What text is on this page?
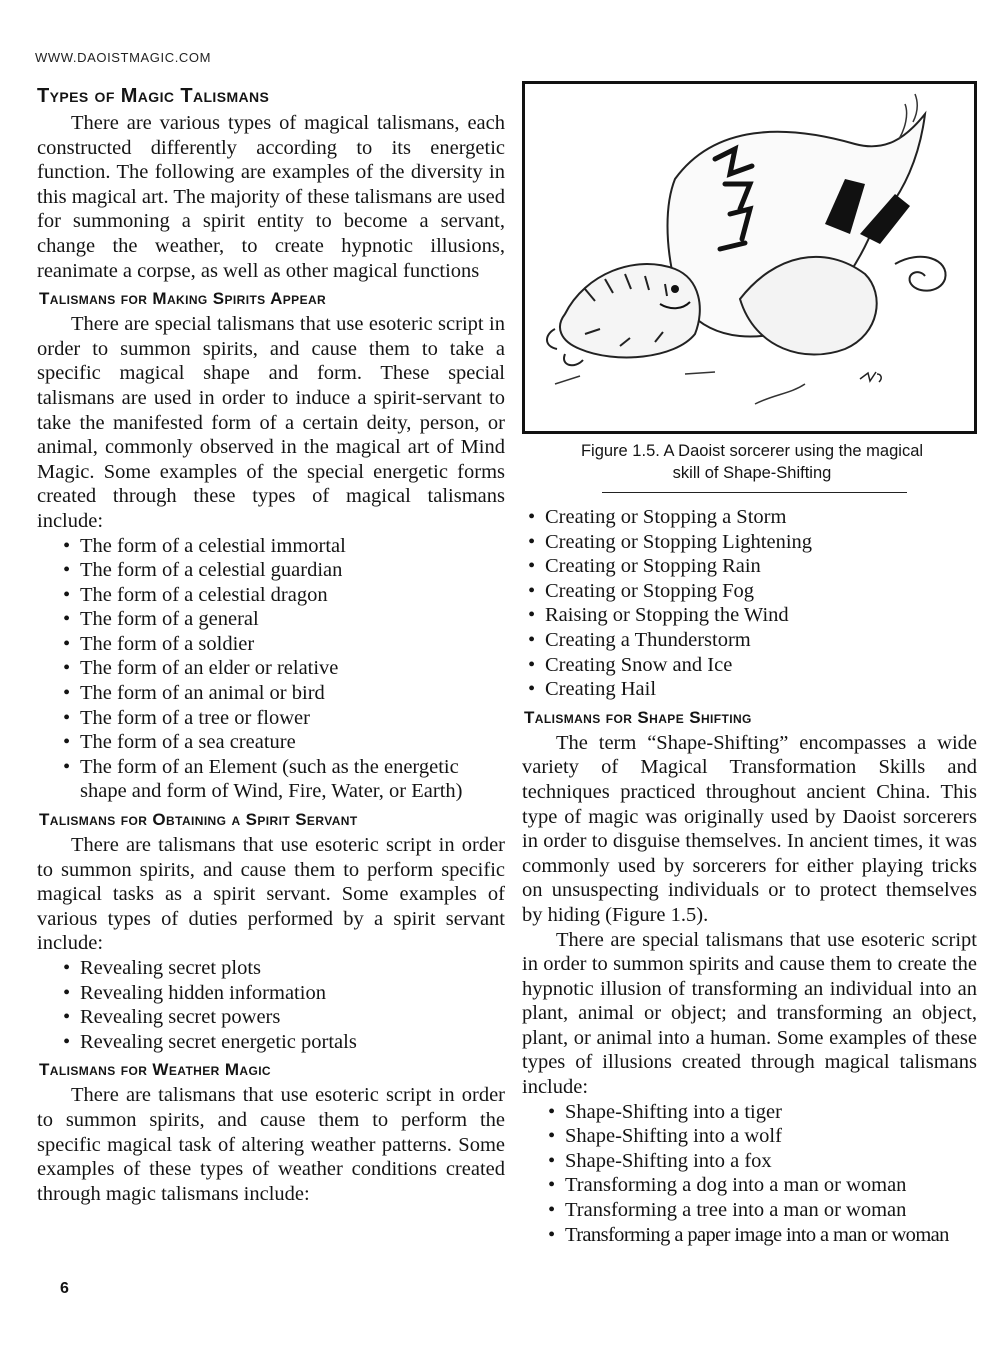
WWW.DAOISTMAGIC.COM
Types of Magic Talismans

There are various types of magical talismans, each constructed differently according to its energetic function. The following are examples of the diversity in this magical art. The majority of these talismans are used for summoning a spirit entity to become a servant, change the weather, to create hypnotic illusions, reanimate a corpse, as well as other magical functions

Talismans for Making Spirits Appear

There are special talismans that use esoteric script in order to summon spirits, and cause them to take a specific magical shape and form. These special talismans are used in order to induce a spirit-servant to take the manifested form of a certain deity, person, or animal, commonly observed in the magical art of Mind Magic. Some examples of the special energetic forms created through these types of magical talismans include:

• The form of a celestial immortal
• The form of a celestial guardian
• The form of a celestial dragon
• The form of a general
• The form of a soldier
• The form of an elder or relative
• The form of an animal or bird
• The form of a tree or flower
• The form of a sea creature
• The form of an Element (such as the energetic shape and form of Wind, Fire, Water, or Earth)
Talismans for Obtaining a Spirit Servant

There are talismans that use esoteric script in order to summon spirits, and cause them to perform specific magical tasks as a spirit servant. Some examples of various types of duties performed by a spirit servant include:

• Revealing secret plots
• Revealing hidden information
• Revealing secret powers
• Revealing secret energetic portals
Talismans for Weather Magic

There are talismans that use esoteric script in order to summon spirits, and cause them to perform the specific magical task of altering weather patterns. Some examples of these types of weather conditions created through magic talismans include:

Figure 1.5. A Daoist sorcerer using the magical skill of Shape-Shifting
• Creating or Stopping a Storm
• Creating or Stopping Lightening
• Creating or Stopping Rain
• Creating or Stopping Fog
• Raising or Stopping the Wind
• Creating a Thunderstorm
• Creating Snow and Ice
• Creating Hail
Talismans for Shape Shifting

The term “Shape-Shifting” encompasses a wide variety of Magical Transformation Skills and techniques practiced throughout ancient China. This type of magic was originally used by Daoist sorcerers in order to disguise themselves. In ancient times, it was commonly used by sorcerers for either playing tricks on unsuspecting individuals or to protect themselves by hiding (Figure 1.5).

There are special talismans that use esoteric script in order to summon spirits and cause them to create the hypnotic illusion of transforming an individual into an plant, animal or object; and transforming an object, plant, or animal into a human. Some examples of these types of illusions created through magical talismans include:

• Shape-Shifting into a tiger
• Shape-Shifting into a wolf
• Shape-Shifting into a fox
• Transforming a dog into a man or woman
• Transforming a tree into a man or woman
• Transforming a paper image into a man or woman
6
